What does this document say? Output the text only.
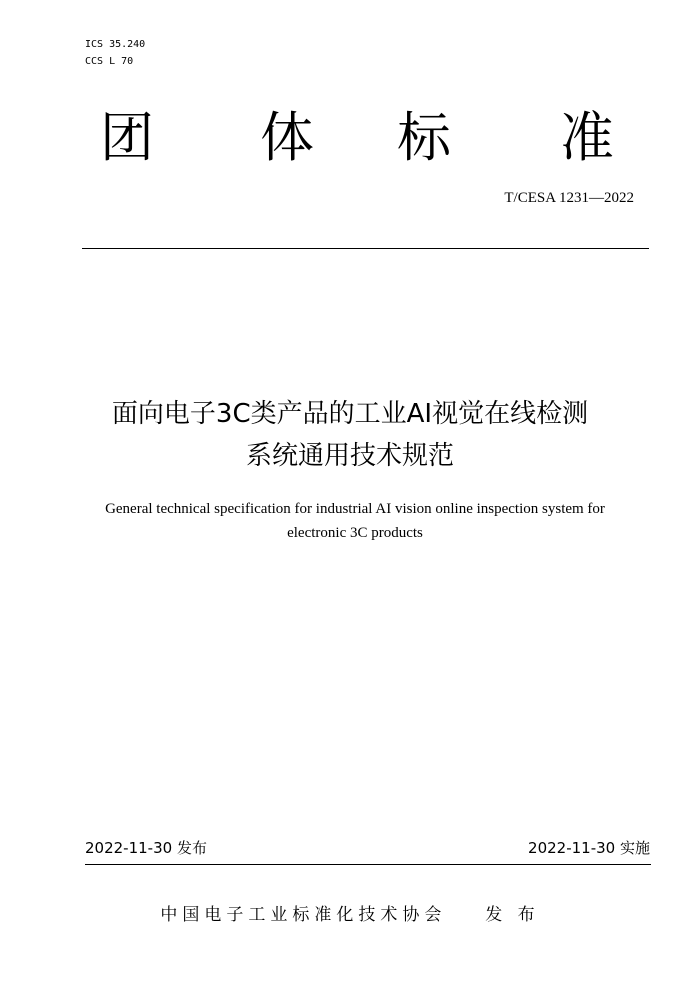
ICS 35.240
CCS L 70
团 体 标 准
T/CESA 1231—2022
面向电子3C类产品的工业AI视觉在线检测
系统通用技术规范
General technical specification for industrial AI vision online inspection system for
electronic 3C products
2022-11-30 发布	2022-11-30 实施
中国电子工业标准化技术协会 发 布
